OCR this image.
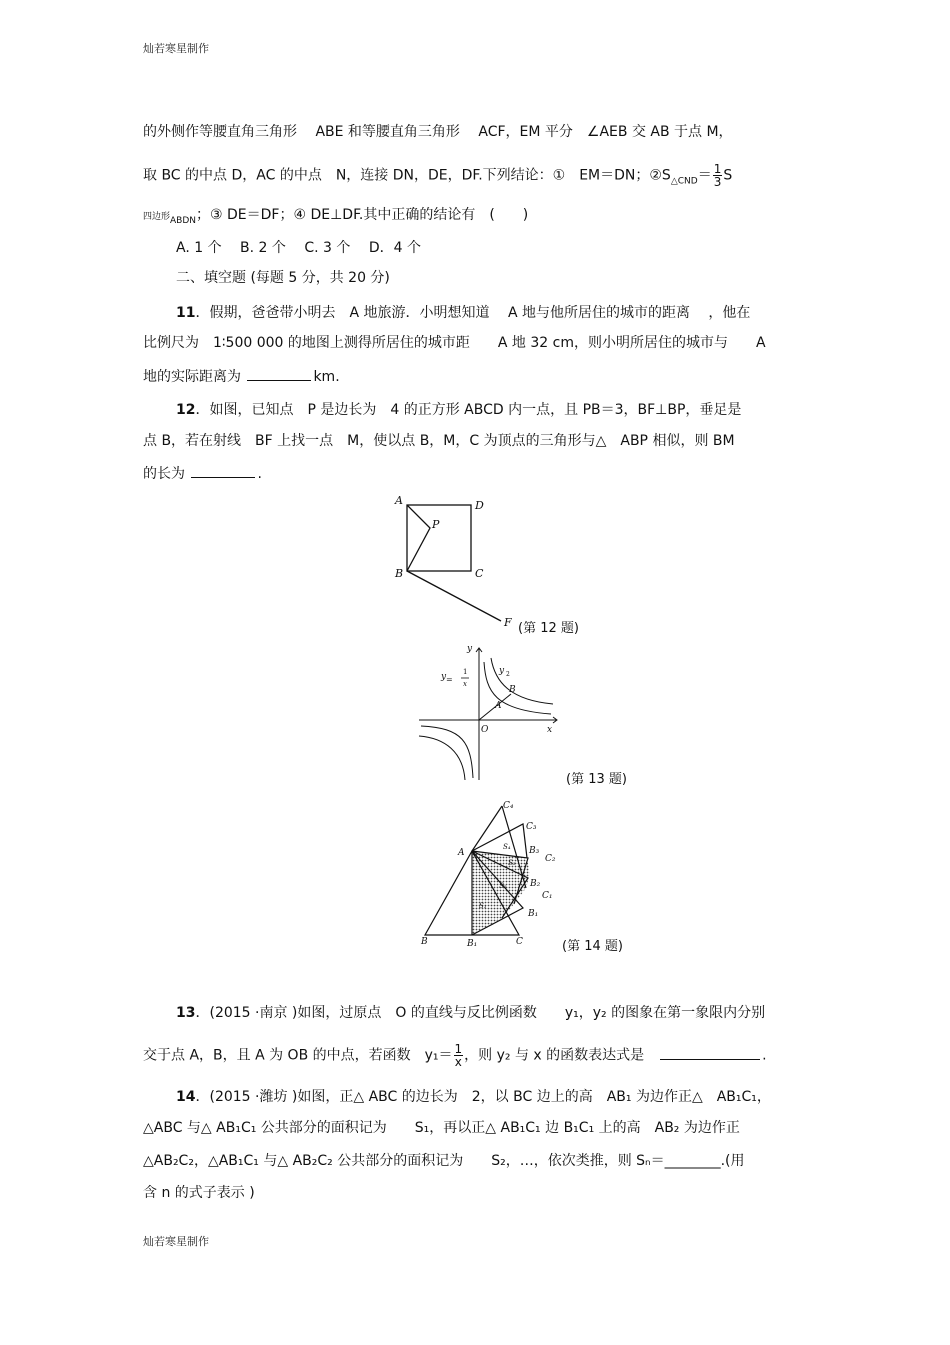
灿若寒星制作
的外侧作等腰直角三角形　 ABE 和等腰直角三角形　 ACF，EM 平分　∠AEB 交 AB 于点 M，
取 BC 的中点 D，AC 的中点　N，连接 DN，DE，DF.下列结论：①　EM＝DN；$②S_{\triangle CND}= \frac{1}{3}$ S
四边形$_{ABDN}$；③ DE＝DF；④ DE⊥DF.其中正确的结论有　(　　)
A. 1 个　 B. 2 个　 C. 3 个　 D．4 个
二、填空题 (每题 5 分，共 20 分)
11．假期，爸爸带小明去　A 地旅游．小明想知道　 A 地与他所居住的城市的距离　 ，他在
比例尺为　1∶500 000 的地图上测得所居住的城市距　　A 地 32 cm，则小明所居住的城市与　　A
地的实际距离为	km.
12．如图，已知点　P 是边长为　4 的正方形 ABCD 内一点，且 PB＝3，BF⊥BP，垂足是
点 B，若在射线　BF 上找一点　M，使以点 B，M，C 为顶点的三角形与△　ABP 相似，则 BM
的长为	.
A	D
P
B	C
F (第 12 题)
y
y 1
x
y 2
B
A
O	x
=
(第 13 题)
C₄
C₃
A	B₃
C₂
S₄
S₃
B₂
C₁
S₂
B₁
S₁
B	B₁	C	(第 14 题)
13．(2015 ·南京 )如图，过原点　O 的直线与反比例函数　　y₁，y₂ 的图象在第一象限内分别
交于点 A，B，且 A 为 OB 的中点，若函数　$y_1= \frac{1}{x}$ ，则 y₂ 与 x 的函数表达式是　	.
14．(2015 ·潍坊 )如图，正△ ABC 的边长为　2，以 BC 边上的高　AB₁ 为边作正△　AB₁C₁，
△ABC 与△ AB₁C₁ 公共部分的面积记为　　S₁，再以正△ AB₁C₁ 边 B₁C₁ 上的高　AB₂ 为边作正
△AB₂C₂，△AB₁C₁ 与△ AB₂C₂ 公共部分的面积记为　　S₂，…，依次类推，则 Sₙ＝________.(用
含 n 的式子表示 )
灿若寒星制作
